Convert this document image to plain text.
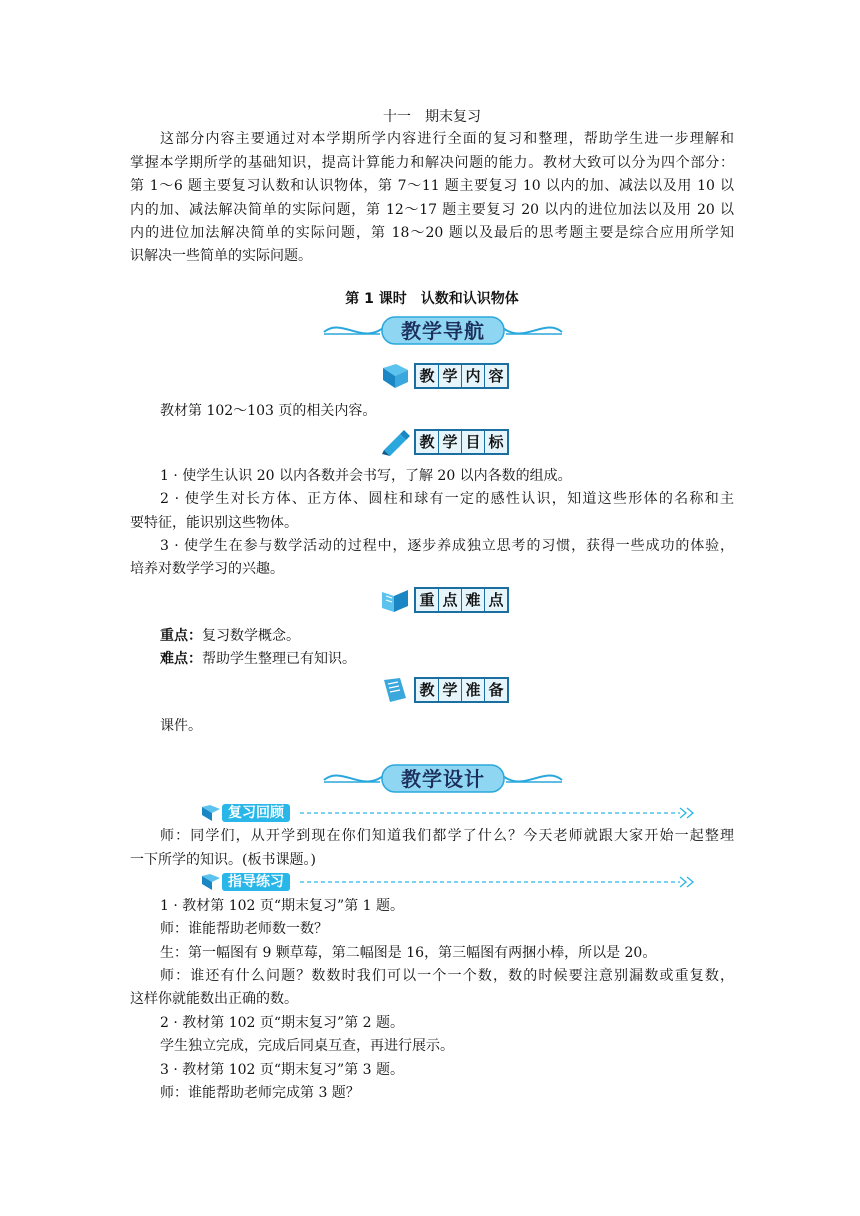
十一　期末复习
这部分内容主要通过对本学期所学内容进行全面的复习和整理，帮助学生进一步理解和
掌握本学期所学的基础知识，提高计算能力和解决问题的能力。教材大致可以分为四个部分：
第 1～6 题主要复习认数和认识物体，第 7～11 题主要复习 10 以内的加、减法以及用 10 以
内的加、减法解决简单的实际问题，第 12～17 题主要复习 20 以内的进位加法以及用 20 以
内的进位加法解决简单的实际问题，第 18～20 题以及最后的思考题主要是综合应用所学知
识解决一些简单的实际问题。
第 1 课时　认数和认识物体
教学导航
教 学 内 容
教材第 102～103 页的相关内容。
教 学 目 标
1 · 使学生认识 20 以内各数并会书写，了解 20 以内各数的组成。
2 · 使学生对长方体、正方体、圆柱和球有一定的感性认识，知道这些形体的名称和主
要特征，能识别这些物体。
3 · 使学生在参与数学活动的过程中，逐步养成独立思考的习惯，获得一些成功的体验，
培养对数学学习的兴趣。
重 点 难 点
重点：复习数学概念。
难点：帮助学生整理已有知识。
教 学 准 备
课件。
教学设计
复习回顾
师：同学们，从开学到现在你们知道我们都学了什么？今天老师就跟大家开始一起整理
一下所学的知识。(板书课题。)
指导练习
1 · 教材第 102 页“期末复习”第 1 题。
师：谁能帮助老师数一数？
生：第一幅图有 9 颗草莓，第二幅图是 16，第三幅图有两捆小棒，所以是 20。
师：谁还有什么问题？数数时我们可以一个一个数，数的时候要注意别漏数或重复数，
这样你就能数出正确的数。
2 · 教材第 102 页“期末复习”第 2 题。
学生独立完成，完成后同桌互查，再进行展示。
3 · 教材第 102 页“期末复习”第 3 题。
师：谁能帮助老师完成第 3 题？
